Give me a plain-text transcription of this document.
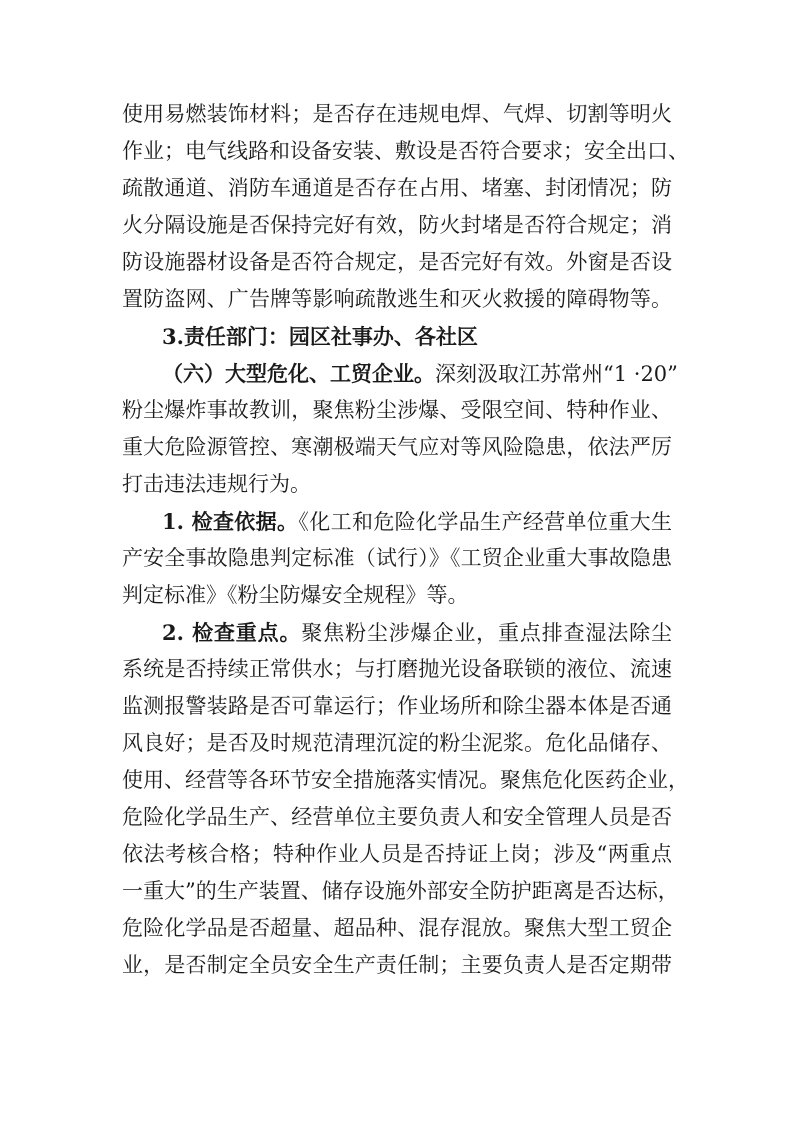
使用易燃装饰材料；是否存在违规电焊、气焊、切割等明火
作业；电气线路和设备安装、敷设是否符合要求；安全出口、
疏散通道、消防车通道是否存在占用、堵塞、封闭情况；防
火分隔设施是否保持完好有效，防火封堵是否符合规定；消
防设施器材设备是否符合规定，是否完好有效。外窗是否设
置防盗网、广告牌等影响疏散逃生和灭火救援的障碍物等。
3.责任部门：园区社事办、各社区
（六）大型危化、工贸企业。深刻汲取江苏常州“1 ·20”
粉尘爆炸事故教训，聚焦粉尘涉爆、受限空间、特种作业、
重大危险源管控、寒潮极端天气应对等风险隐患，依法严厉
打击违法违规行为。
1. 检查依据。《化工和危险化学品生产经营单位重大生
产安全事故隐患判定标准（试行）》《工贸企业重大事故隐患
判定标准》《粉尘防爆安全规程》等。
2. 检查重点。聚焦粉尘涉爆企业，重点排查湿法除尘
系统是否持续正常供水；与打磨抛光设备联锁的液位、流速
监测报警装路是否可靠运行；作业场所和除尘器本体是否通
风良好；是否及时规范清理沉淀的粉尘泥浆。危化品储存、
使用、经营等各环节安全措施落实情况。聚焦危化医药企业，
危险化学品生产、经营单位主要负责人和安全管理人员是否
依法考核合格；特种作业人员是否持证上岗；涉及“两重点
一重大”的生产装置、储存设施外部安全防护距离是否达标，
危险化学品是否超量、超品种、混存混放。聚焦大型工贸企
业，是否制定全员安全生产责任制；主要负责人是否定期带
